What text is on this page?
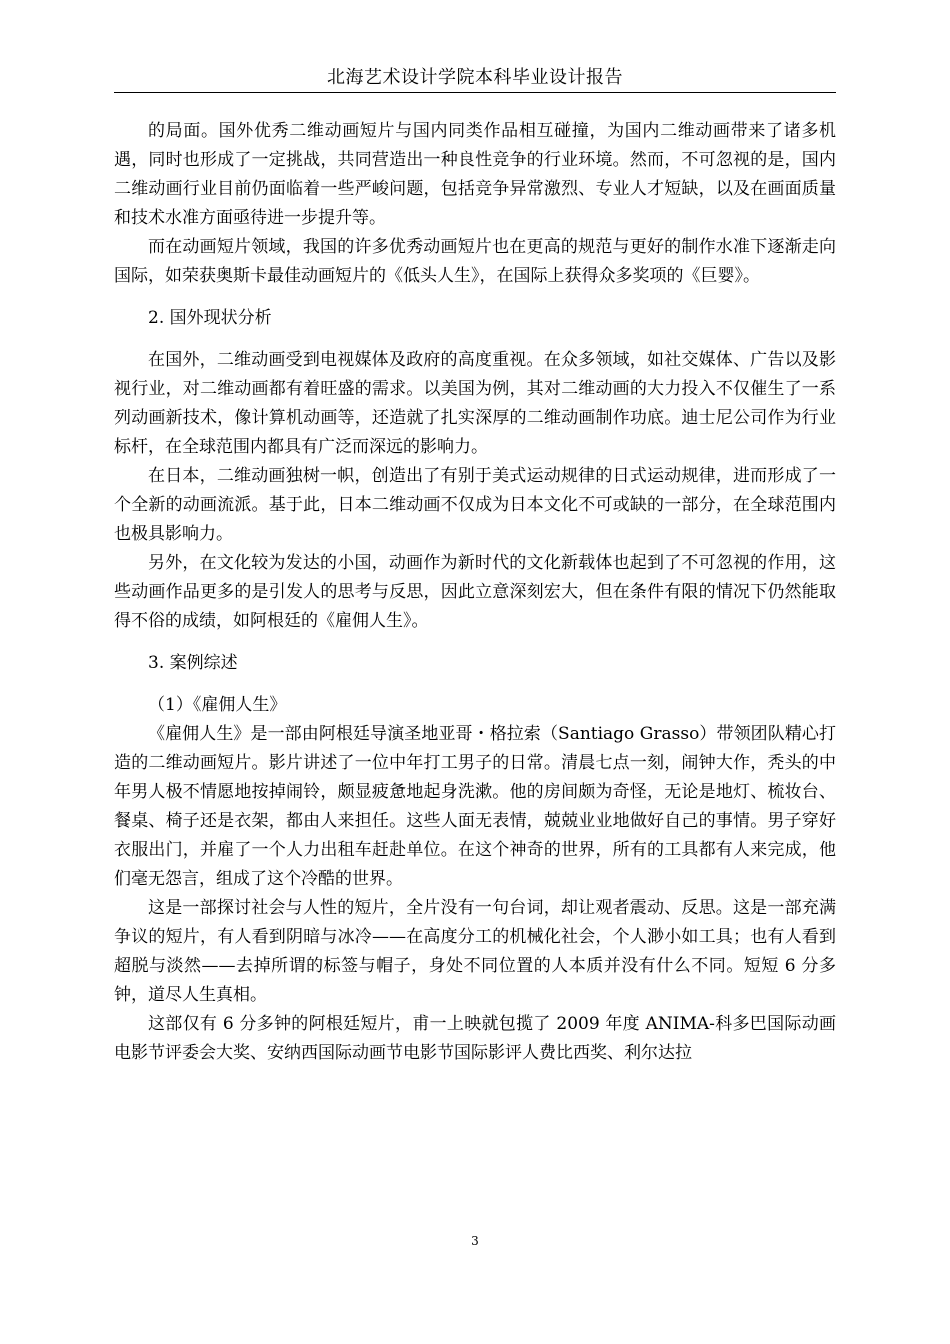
北海艺术设计学院本科毕业设计报告

的局面。国外优秀二维动画短片与国内同类作品相互碰撞，为国内二维动画带来了诸多机遇，同时也形成了一定挑战，共同营造出一种良性竞争的行业环境。然而，不可忽视的是，国内二维动画行业目前仍面临着一些严峻问题，包括竞争异常激烈、专业人才短缺，以及在画面质量和技术水准方面亟待进一步提升等。

而在动画短片领域，我国的许多优秀动画短片也在更高的规范与更好的制作水准下逐渐走向国际，如荣获奥斯卡最佳动画短片的《低头人生》，在国际上获得众多奖项的《巨婴》。

2. 国外现状分析

在国外，二维动画受到电视媒体及政府的高度重视。在众多领域，如社交媒体、广告以及影视行业，对二维动画都有着旺盛的需求。以美国为例，其对二维动画的大力投入不仅催生了一系列动画新技术，像计算机动画等，还造就了扎实深厚的二维动画制作功底。迪士尼公司作为行业标杆，在全球范围内都具有广泛而深远的影响力。

在日本，二维动画独树一帜，创造出了有别于美式运动规律的日式运动规律，进而形成了一个全新的动画流派。基于此，日本二维动画不仅成为日本文化不可或缺的一部分，在全球范围内也极具影响力。

另外，在文化较为发达的小国，动画作为新时代的文化新载体也起到了不可忽视的作用，这些动画作品更多的是引发人的思考与反思，因此立意深刻宏大，但在条件有限的情况下仍然能取得不俗的成绩，如阿根廷的《雇佣人生》。

3. 案例综述

（1）《雇佣人生》

《雇佣人生》是一部由阿根廷导演圣地亚哥・格拉索（Santiago Grasso）带领团队精心打造的二维动画短片。影片讲述了一位中年打工男子的日常。清晨七点一刻，闹钟大作，秃头的中年男人极不情愿地按掉闹铃，颇显疲惫地起身洗漱。他的房间颇为奇怪，无论是地灯、梳妆台、餐桌、椅子还是衣架，都由人来担任。这些人面无表情，兢兢业业地做好自己的事情。男子穿好衣服出门，并雇了一个人力出租车赶赴单位。在这个神奇的世界，所有的工具都有人来完成，他们毫无怨言，组成了这个冷酷的世界。

这是一部探讨社会与人性的短片，全片没有一句台词，却让观者震动、反思。这是一部充满争议的短片，有人看到阴暗与冰冷——在高度分工的机械化社会，个人渺小如工具；也有人看到超脱与淡然——去掉所谓的标签与帽子，身处不同位置的人本质并没有什么不同。短短 6 分多钟，道尽人生真相。

这部仅有 6 分多钟的阿根廷短片，甫一上映就包揽了 2009 年度 ANIMA-科多巴国际动画电影节评委会大奖、安纳西国际动画节电影节国际影评人费比西奖、利尔达拉

3
